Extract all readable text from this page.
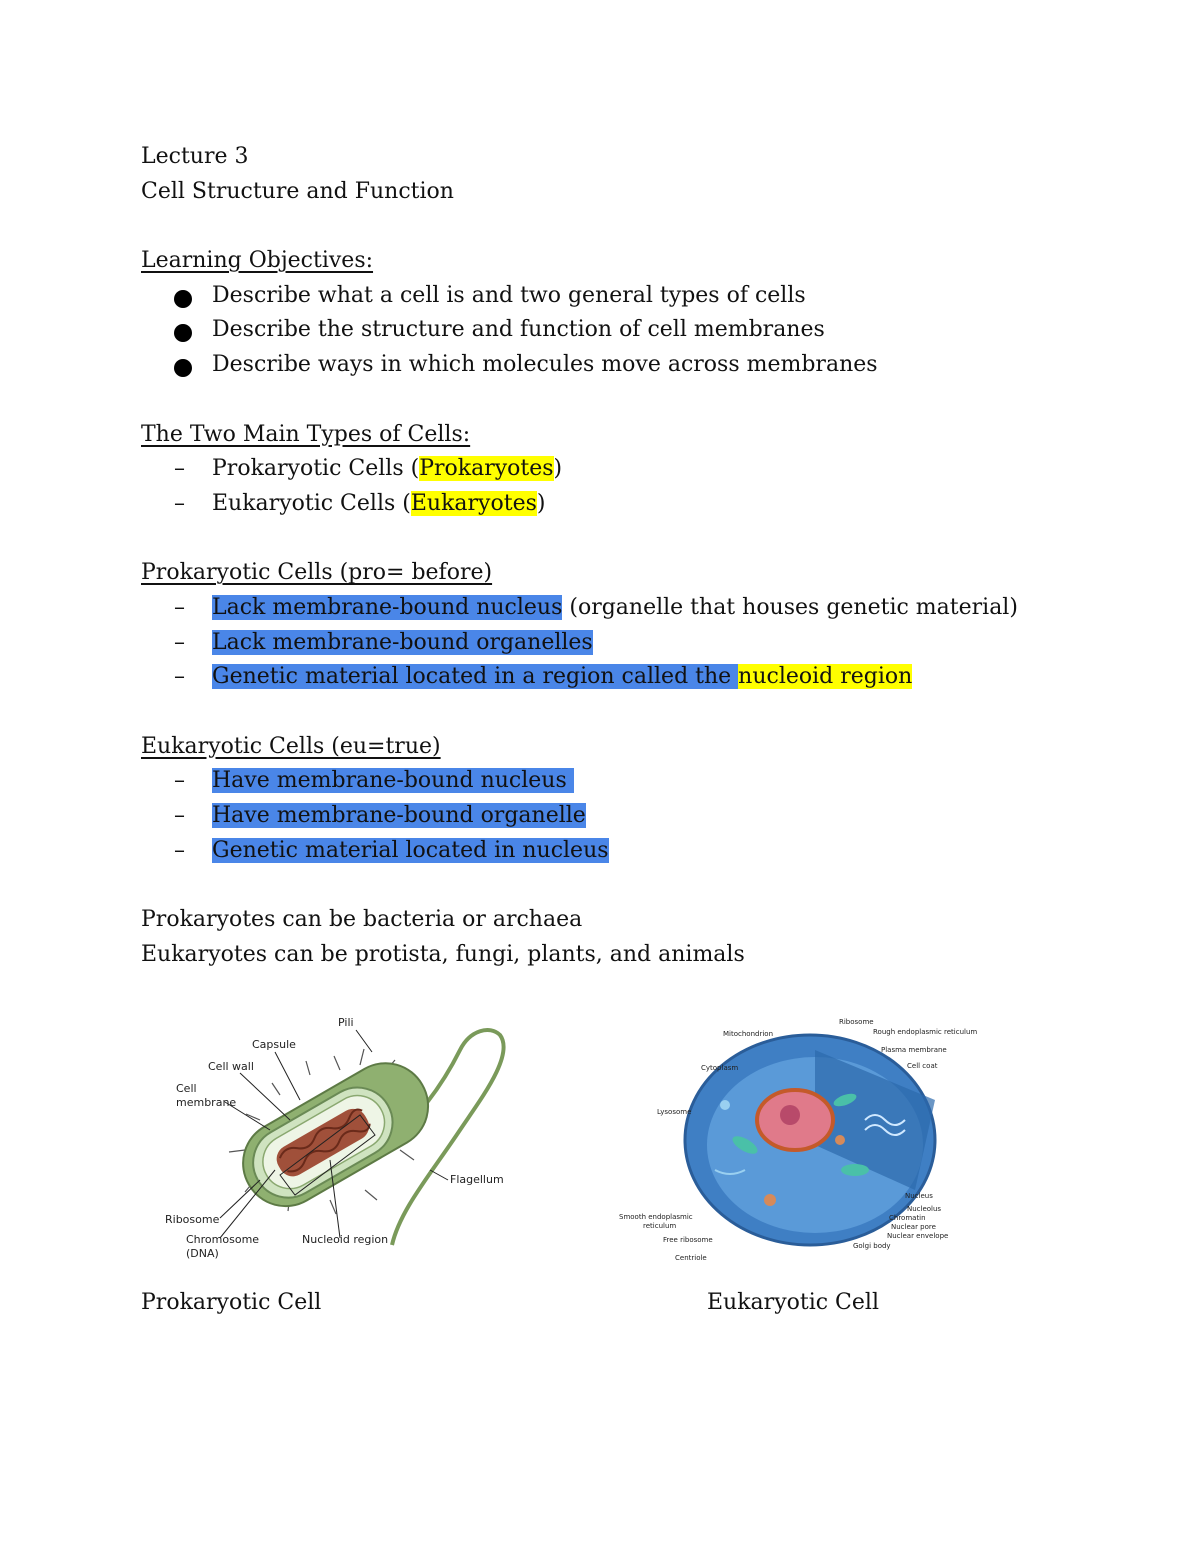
Lecture 3
Cell Structure and Function
Learning Objectives:
Describe what a cell is and two general types of cells
Describe the structure and function of cell membranes
Describe ways in which molecules move across membranes
The Two Main Types of Cells:
– Prokaryotic Cells (Prokaryotes)
– Eukaryotic Cells (Eukaryotes)
Prokaryotic Cells (pro= before)
– Lack membrane-bound nucleus (organelle that houses genetic material)
– Lack membrane-bound organelles
– Genetic material located in a region called the nucleoid region
Eukaryotic Cells (eu=true)
– Have membrane-bound nucleus
– Have membrane-bound organelle
– Genetic material located in nucleus
Prokaryotes can be bacteria or archaea
Eukaryotes can be protista, fungi, plants, and animals
Pili
Capsule
Cell wall
Cell
membrane
Flagellum
Ribosome
Chromosome
(DNA)
Nucleoid region
Ribosome
Rough endoplasmic reticulum
Mitochondrion
Plasma membrane
Cytoplasm	Cell coat
Lysosome
Nucleus
Nucleolus
Chromatin
Nuclear pore
Nuclear envelope
Golgi body
Smooth endoplasmic
reticulum
Free ribosome
Centriole
Prokaryotic Cell	Eukaryotic Cell
